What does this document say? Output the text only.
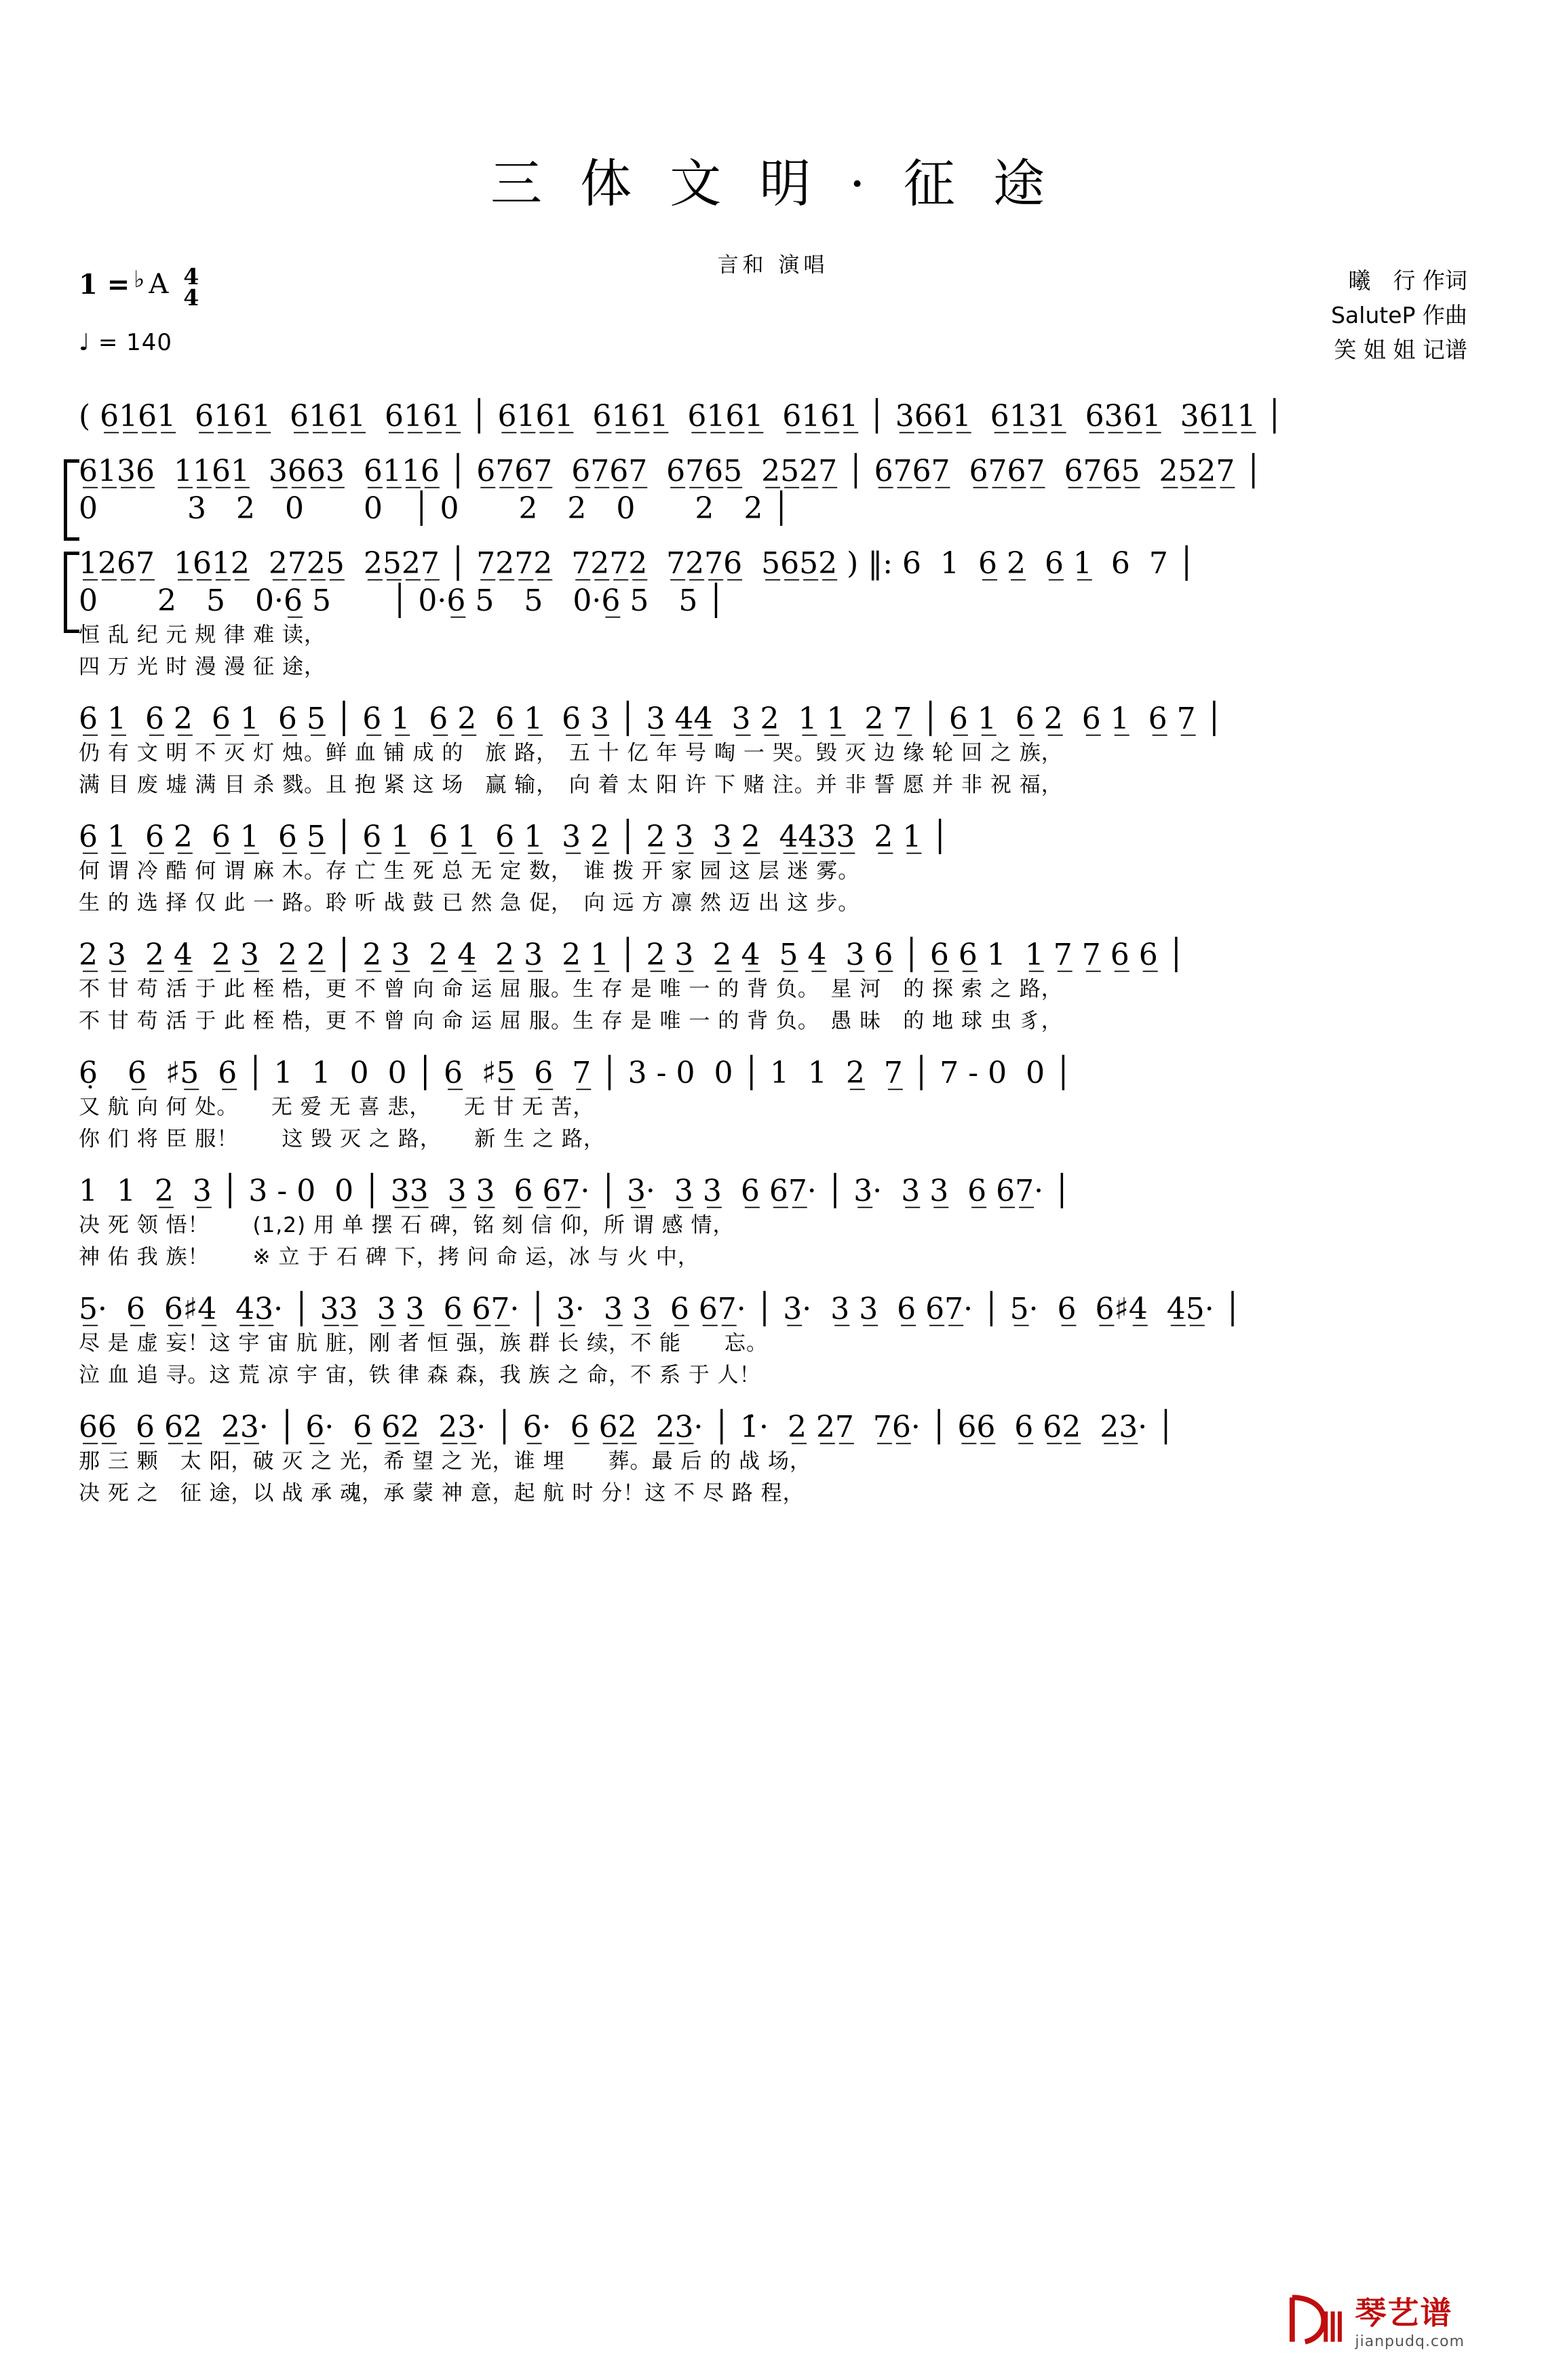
三 体 文 明 · 征 途
言和 演唱
1 = ♭ A 4
4
♩ = 140
曦　行 作词
SaluteP 作曲
笑 姐 姐 记谱
( 6̲1̲6̲1̲  6̲1̲6̲1̲  6̲1̲6̲1̲  6̲1̲6̲1̲ │ 6̲1̲6̲1̲  6̲1̲6̲1̲  6̲1̲6̲1̲  6̲1̲6̲1̲ │ 3̲6̲6̲1̲  6̲1̲3̲1̲  6̲3̲6̲1̲  3̲6̲1̲1̲ │
6̲1̲3̲6̲  1̲1̲6̲1̲  3̲6̲6̲3̲  6̲1̲1̲6̲ │ 6̲7̲6̲7̲  6̲7̲6̲7̲  6̲7̲6̲5̲  2̲5̲2̲7̲ │ 6̲7̲6̲7̲  6̲7̲6̲7̲  6̲7̲6̲5̲  2̲5̲2̲7̲ │
0　　　3　2　0　　0　│ 0　　2　2　0　　2　2 │
1̲2̲6̲7̲  1̲6̲1̲2̲  2̲7̲2̲5̲  2̲5̲2̲7̲ │ 7̲2̲7̲2̲  7̲2̲7̲2̲  7̲2̲7̲6̲  5̲6̲5̲2̲ ) ‖: 6  1  6̲ 2̲  6̲ 1̲  6  7 │
0　　2　5　0·6̲ 5　　│ 0·6̲ 5　5　0·6̲ 5　5 │
恒 乱 纪 元 规 律 难 读，
四 万 光 时 漫 漫 征 途，
6̲ 1̲  6̲ 2̲  6̲ 1̲  6̲ 5̲ │ 6̲ 1̲  6̲ 2̲  6̲ 1̲  6̲ 3̲ │ 3̲ 4̲4̲  3̲ 2̲  1̲ 1̲  2̲ 7̲ │ 6̲ 1̲  6̲ 2̲  6̲ 1̲  6̲ 7̲ │
仍 有 文 明 不 灭 灯 烛。鲜 血 铺 成 的　旅 路，　五 十 亿 年 号 啕 一 哭。毁 灭 边 缘 轮 回 之 族，
满 目 废 墟 满 目 杀 戮。且 抱 紧 这 场　赢 输，　向 着 太 阳 许 下 赌 注。并 非 誓 愿 并 非 祝 福，
6̲ 1̲  6̲ 2̲  6̲ 1̲  6̲ 5̲ │ 6̲ 1̲  6̲ 1̲  6̲ 1̲  3̲ 2̲ │ 2̲ 3̲  3̲ 2̲  4̲4̲3̲3̲  2̲ 1̲ │
何 谓 冷 酷 何 谓 麻 木。存 亡 生 死 总 无 定 数，　谁 拨 开 家 园 这 层 迷 雾。
生 的 选 择 仅 此 一 路。聆 听 战 鼓 已 然 急 促，　向 远 方 凛 然 迈 出 这 步。
2̲ 3̲  2̲ 4̲  2̲ 3̲  2̲ 2̲ │ 2̲ 3̲  2̲ 4̲  2̲ 3̲  2̲ 1̲ │ 2̲ 3̲  2̲ 4̲  5̲ 4̲  3̲ 6̲ │ 6̲ 6̲ 1  1̲ 7̲ 7̲ 6̲ 6̲ │
不 甘 苟 活 于 此 桎 梏，更 不 曾 向 命 运 屈 服。生 存 是 唯 一 的 背 负。　星 河　的 探 索 之 路，
不 甘 苟 活 于 此 桎 梏，更 不 曾 向 命 运 屈 服。生 存 是 唯 一 的 背 负。　愚 昧　的 地 球 虫 豸，
6̣　6̲  ♯5̲  6̲ │ 1  1  0  0 │ 6̲  ♯5̲  6̲  7̲ │ 3 - 0  0 │ 1  1  2̲  7̲ │ 7 - 0  0 │
又 航 向 何 处。　　无 爱 无 喜 悲，　　无 甘 无 苦，
你 们 将 臣 服！　　这 毁 灭 之 路，　　新 生 之 路，
1  1  2̲  3̲ │ 3 - 0  0 │ 3̲3̲  3̲ 3̲  6̲ 6̲7̲· │ 3̲·  3̲ 3̲  6̲ 6̲7̲· │ 3̲·  3̲ 3̲  6̲ 6̲7̲· │
决 死 领 悟！　　(1,2) 用 单 摆 石 碑，铭 刻 信 仰，所 谓 感 情，
神 佑 我 族！　　※ 立 于 石 碑 下，拷 问 命 运，冰 与 火 中，
5̲·  6̲  6̲♯4̲  4̲3̲· │ 3̲3̲  3̲ 3̲  6̲ 6̲7̲· │ 3̲·  3̲ 3̲  6̲ 6̲7̲· │ 3̲·  3̲ 3̲  6̲ 6̲7̲· │ 5̲·  6̲  6̲♯4̲  4̲5̲· │
尽 是 虚 妄！这 宇 宙 肮 脏，刚 者 恒 强，族 群 长 续，不 能　　忘。
泣 血 追 寻。这 荒 凉 宇 宙，铁 律 森 森，我 族 之 命，不 系 于 人！
6̲6̲  6̲ 6̲2̲  2̲3̲· │ 6̲·  6̲ 6̲2̲  2̲3̲· │ 6̲·  6̲ 6̲2̲  2̲3̲· │ 1̇·  2̲ 2̲7̲  7̲6̲· │ 6̲6̲  6̲ 6̲2̲  2̲3̲· │
那 三 颗　太 阳，破 灭 之 光，希 望 之 光，谁 埋　　葬。最 后 的 战 场，
决 死 之　征 途，以 战 承 魂，承 蒙 神 意，起 航 时 分！这 不 尽 路 程，
琴艺谱
jianpudq.com
